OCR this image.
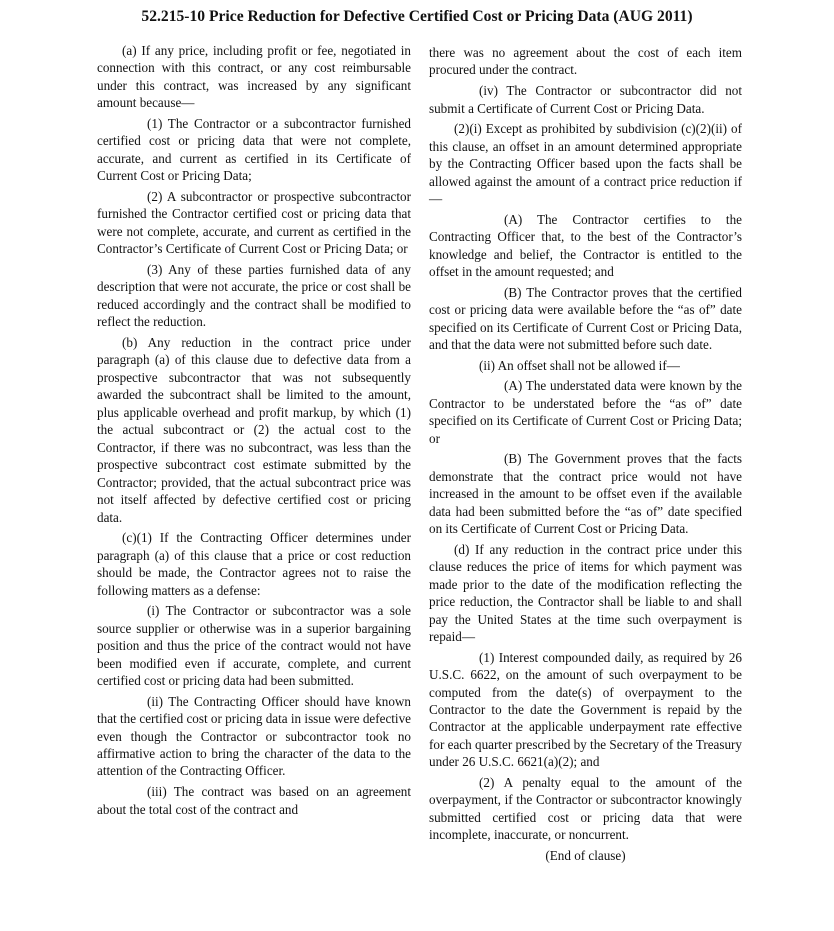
52.215-10 Price Reduction for Defective Certified Cost or Pricing Data (AUG 2011)

(a) If any price, including profit or fee, negotiated in connection with this contract, or any cost reimbursable under this contract, was increased by any significant amount because—

(1) The Contractor or a subcontractor furnished certified cost or pricing data that were not complete, accurate, and current as certified in its Certificate of Current Cost or Pricing Data;

(2) A subcontractor or prospective subcontractor furnished the Contractor certified cost or pricing data that were not complete, accurate, and current as certified in the Contractor’s Certificate of Current Cost or Pricing Data; or

(3) Any of these parties furnished data of any description that were not accurate, the price or cost shall be reduced accordingly and the contract shall be modified to reflect the reduction.

(b) Any reduction in the contract price under paragraph (a) of this clause due to defective data from a prospective subcontractor that was not subsequently awarded the subcontract shall be limited to the amount, plus applicable overhead and profit markup, by which (1) the actual subcontract or (2) the actual cost to the Contractor, if there was no subcontract, was less than the prospective subcontract cost estimate submitted by the Contractor; provided, that the actual subcontract price was not itself affected by defective certified cost or pricing data.

(c)(1) If the Contracting Officer determines under paragraph (a) of this clause that a price or cost reduction should be made, the Contractor agrees not to raise the following matters as a defense:

(i) The Contractor or subcontractor was a sole source supplier or otherwise was in a superior bargaining position and thus the price of the contract would not have been modified even if accurate, complete, and current certified cost or pricing data had been submitted.

(ii) The Contracting Officer should have known that the certified cost or pricing data in issue were defective even though the Contractor or subcontractor took no affirmative action to bring the character of the data to the attention of the Contracting Officer.

(iii) The contract was based on an agreement about the total cost of the contract and

there was no agreement about the cost of each item procured under the contract.

(iv) The Contractor or subcontractor did not submit a Certificate of Current Cost or Pricing Data.

(2)(i) Except as prohibited by subdivision (c)(2)(ii) of this clause, an offset in an amount determined appropriate by the Contracting Officer based upon the facts shall be allowed against the amount of a contract price reduction if—

(A) The Contractor certifies to the Contracting Officer that, to the best of the Contractor’s knowledge and belief, the Contractor is entitled to the offset in the amount requested; and

(B) The Contractor proves that the certified cost or pricing data were available before the “as of” date specified on its Certificate of Current Cost or Pricing Data, and that the data were not submitted before such date.

(ii) An offset shall not be allowed if—

(A) The understated data were known by the Contractor to be understated before the “as of” date specified on its Certificate of Current Cost or Pricing Data; or

(B) The Government proves that the facts demonstrate that the contract price would not have increased in the amount to be offset even if the available data had been submitted before the “as of” date specified on its Certificate of Current Cost or Pricing Data.

(d) If any reduction in the contract price under this clause reduces the price of items for which payment was made prior to the date of the modification reflecting the price reduction, the Contractor shall be liable to and shall pay the United States at the time such overpayment is repaid—

(1) Interest compounded daily, as required by 26 U.S.C. 6622, on the amount of such overpayment to be computed from the date(s) of overpayment to the Contractor to the date the Government is repaid by the Contractor at the applicable underpayment rate effective for each quarter prescribed by the Secretary of the Treasury under 26 U.S.C. 6621(a)(2); and

(2) A penalty equal to the amount of the overpayment, if the Contractor or subcontractor knowingly submitted certified cost or pricing data that were incomplete, inaccurate, or noncurrent.

(End of clause)
